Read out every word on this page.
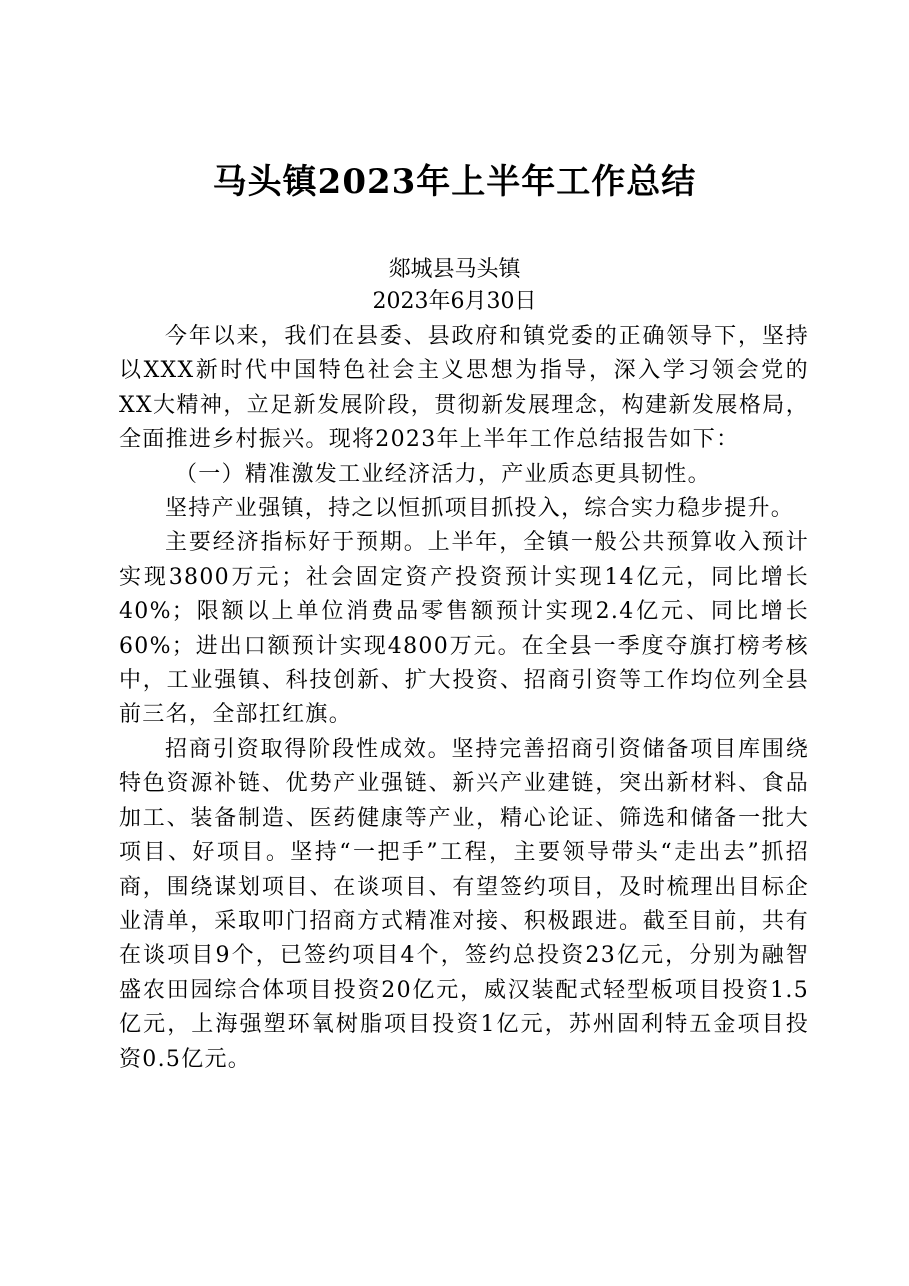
马头镇2023年上半年工作总结
郯城县马头镇
2023年6月30日

今年以来，我们在县委、县政府和镇党委的正确领导下，坚持以XXX新时代中国特色社会主义思想为指导，深入学习领会党的XX大精神，立足新发展阶段，贯彻新发展理念，构建新发展格局，全面推进乡村振兴。现将2023年上半年工作总结报告如下：

（一）精准激发工业经济活力，产业质态更具韧性。

坚持产业强镇，持之以恒抓项目抓投入，综合实力稳步提升。

主要经济指标好于预期。上半年，全镇一般公共预算收入预计实现3800万元；社会固定资产投资预计实现14亿元，同比增长40%；限额以上单位消费品零售额预计实现2.4亿元、同比增长60%；进出口额预计实现4800万元。在全县一季度夺旗打榜考核中，工业强镇、科技创新、扩大投资、招商引资等工作均位列全县前三名，全部扛红旗。

招商引资取得阶段性成效。坚持完善招商引资储备项目库围绕特色资源补链、优势产业强链、新兴产业建链，突出新材料、食品加工、装备制造、医药健康等产业，精心论证、筛选和储备一批大项目、好项目。坚持“一把手”工程，主要领导带头“走出去”抓招商，围绕谋划项目、在谈项目、有望签约项目，及时梳理出目标企业清单，采取叩门招商方式精准对接、积极跟进。截至目前，共有在谈项目9个，已签约项目4个，签约总投资23亿元，分别为融智盛农田园综合体项目投资20亿元，威汉装配式轻型板项目投资1.5亿元，上海强塑环氧树脂项目投资1亿元，苏州固利特五金项目投资0.5亿元。
